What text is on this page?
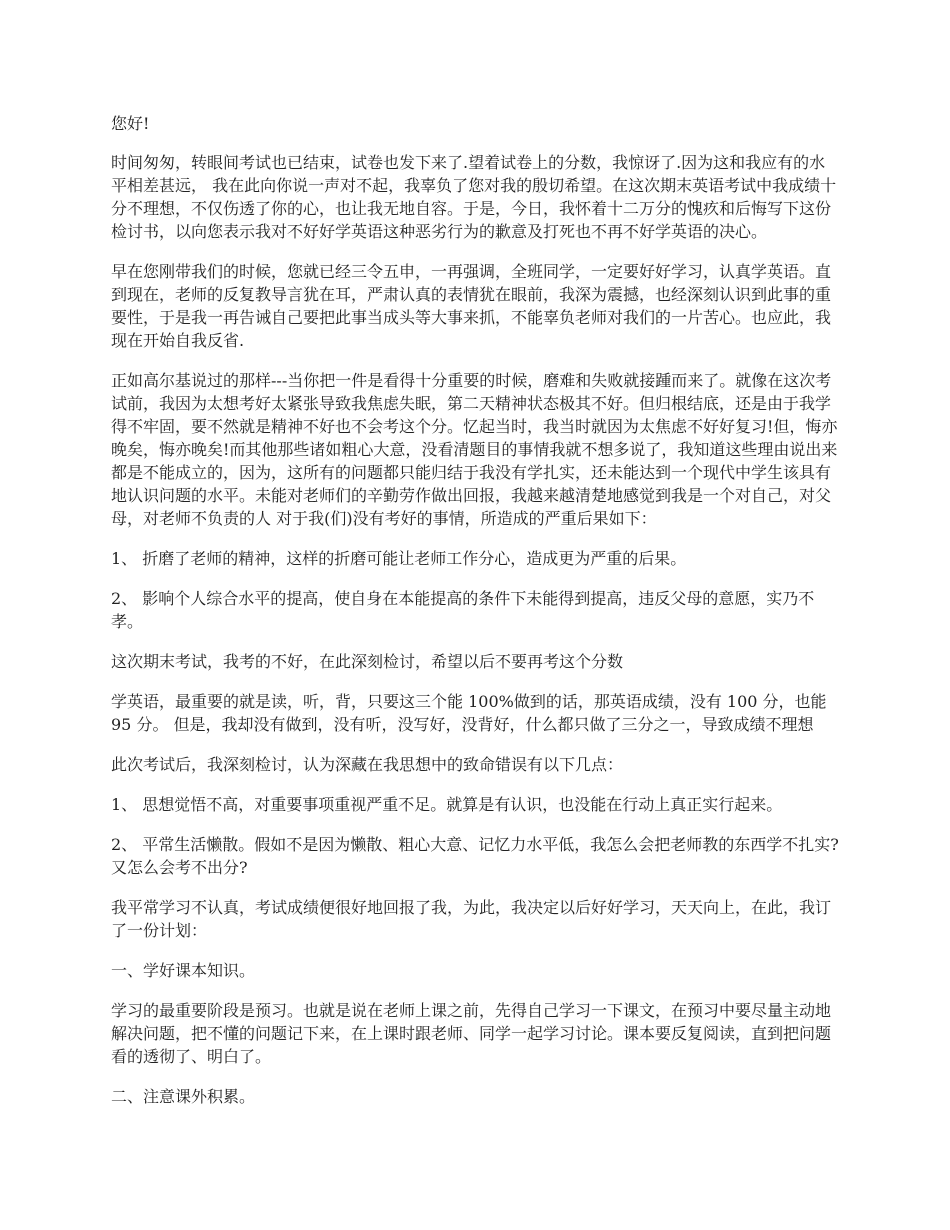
您好!

时间匆匆，转眼间考试也已结束，试卷也发下来了.望着试卷上的分数，我惊讶了.因为这和我应有的水平相差甚远， 我在此向你说一声对不起，我辜负了您对我的殷切希望。在这次期末英语考试中我成绩十分不理想，不仅伤透了你的心，也让我无地自容。于是，今日，我怀着十二万分的愧疚和后悔写下这份检讨书，以向您表示我对不好好学英语这种恶劣行为的歉意及打死也不再不好学英语的决心。

早在您刚带我们的时候，您就已经三令五申，一再强调，全班同学，一定要好好学习，认真学英语。直到现在，老师的反复教导言犹在耳，严肃认真的表情犹在眼前，我深为震撼，也经深刻认识到此事的重要性，于是我一再告诫自己要把此事当成头等大事来抓，不能辜负老师对我们的一片苦心。也应此，我现在开始自我反省.

正如高尔基说过的那样---当你把一件是看得十分重要的时候，磨难和失败就接踵而来了。就像在这次考试前，我因为太想考好太紧张导致我焦虑失眠，第二天精神状态极其不好。但归根结底，还是由于我学得不牢固，要不然就是精神不好也不会考这个分。忆起当时，我当时就因为太焦虑不好好复习!但，悔亦晚矣，悔亦晚矣!而其他那些诸如粗心大意，没看清题目的事情我就不想多说了，我知道这些理由说出来都是不能成立的，因为，这所有的问题都只能归结于我没有学扎实，还未能达到一个现代中学生该具有地认识问题的水平。未能对老师们的辛勤劳作做出回报，我越来越清楚地感觉到我是一个对自己，对父母，对老师不负责的人 对于我(们)没有考好的事情，所造成的严重后果如下：

1、 折磨了老师的精神，这样的折磨可能让老师工作分心，造成更为严重的后果。

2、 影响个人综合水平的提高，使自身在本能提高的条件下未能得到提高，违反父母的意愿，实乃不孝。

这次期末考试，我考的不好，在此深刻检讨，希望以后不要再考这个分数

学英语，最重要的就是读，听，背，只要这三个能 100%做到的话，那英语成绩，没有 100 分，也能 95 分。 但是，我却没有做到，没有听，没写好，没背好，什么都只做了三分之一，导致成绩不理想

此次考试后，我深刻检讨，认为深藏在我思想中的致命错误有以下几点：

1、 思想觉悟不高，对重要事项重视严重不足。就算是有认识，也没能在行动上真正实行起来。

2、 平常生活懒散。假如不是因为懒散、粗心大意、记忆力水平低，我怎么会把老师教的东西学不扎实?又怎么会考不出分?

我平常学习不认真，考试成绩便很好地回报了我，为此，我决定以后好好学习，天天向上，在此，我订了一份计划：

一、学好课本知识。

学习的最重要阶段是预习。也就是说在老师上课之前，先得自己学习一下课文，在预习中要尽量主动地解决问题，把不懂的问题记下来，在上课时跟老师、同学一起学习讨论。课本要反复阅读，直到把问题看的透彻了、明白了。

二、注意课外积累。
